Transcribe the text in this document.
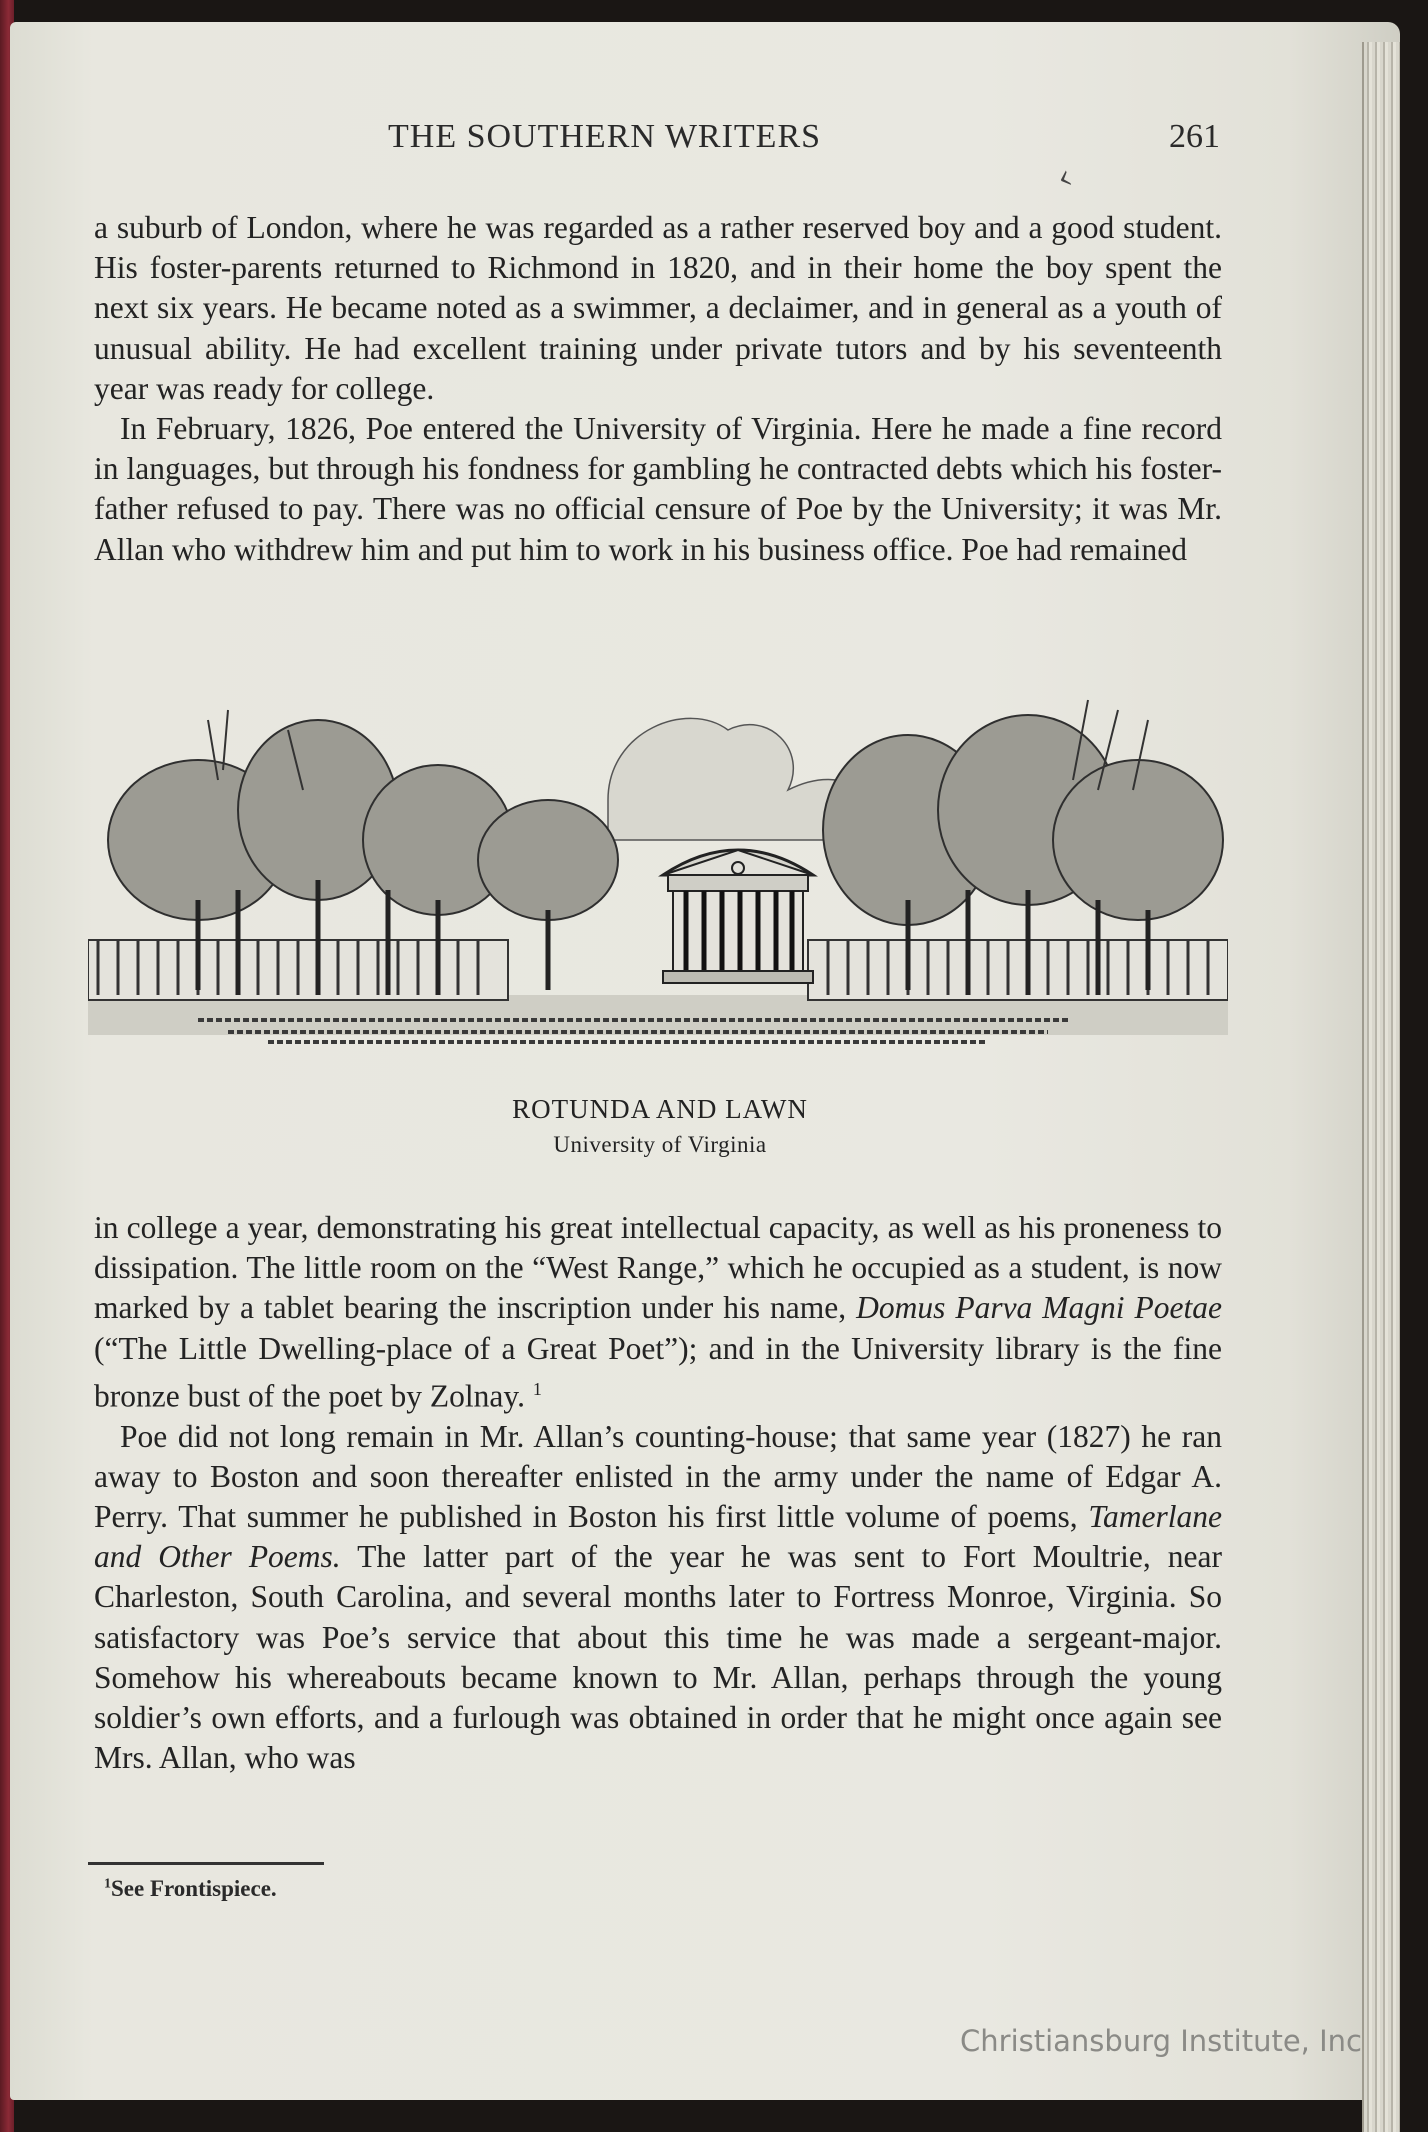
THE SOUTHERN WRITERS	261
‹

a suburb of London, where he was regarded as a rather reserved boy and a good student. His foster-parents returned to Richmond in 1820, and in their home the boy spent the next six years. He became noted as a swimmer, a declaimer, and in general as a youth of unusual ability. He had excellent training under private tutors and by his seventeenth year was ready for college.

In February, 1826, Poe entered the University of Virginia. Here he made a fine record in languages, but through his fondness for gambling he contracted debts which his foster-father refused to pay. There was no official censure of Poe by the University; it was Mr. Allan who withdrew him and put him to work in his business office. Poe had remained

ROTUNDA AND LAWN
University of Virginia

in college a year, demonstrating his great intellectual capacity, as well as his proneness to dissipation. The little room on the “West Range,” which he occupied as a student, is now marked by a tablet bearing the inscription under his name, Domus Parva Magni Poetae (“The Little Dwelling-place of a Great Poet”); and in the University library is the fine bronze bust of the poet by Zolnay. $^1$

Poe did not long remain in Mr. Allan’s counting-house; that same year (1827) he ran away to Boston and soon thereafter enlisted in the army under the name of Edgar A. Perry. That summer he published in Boston his first little volume of poems, Tamerlane and Other Poems. The latter part of the year he was sent to Fort Moultrie, near Charleston, South Carolina, and several months later to Fortress Monroe, Virginia. So satisfactory was Poe’s service that about this time he was made a sergeant-major. Somehow his whereabouts became known to Mr. Allan, perhaps through the young soldier’s own efforts, and a furlough was obtained in order that he might once again see Mrs. Allan, who was

$^1$See Frontispiece.
Christiansburg Institute, Inc
